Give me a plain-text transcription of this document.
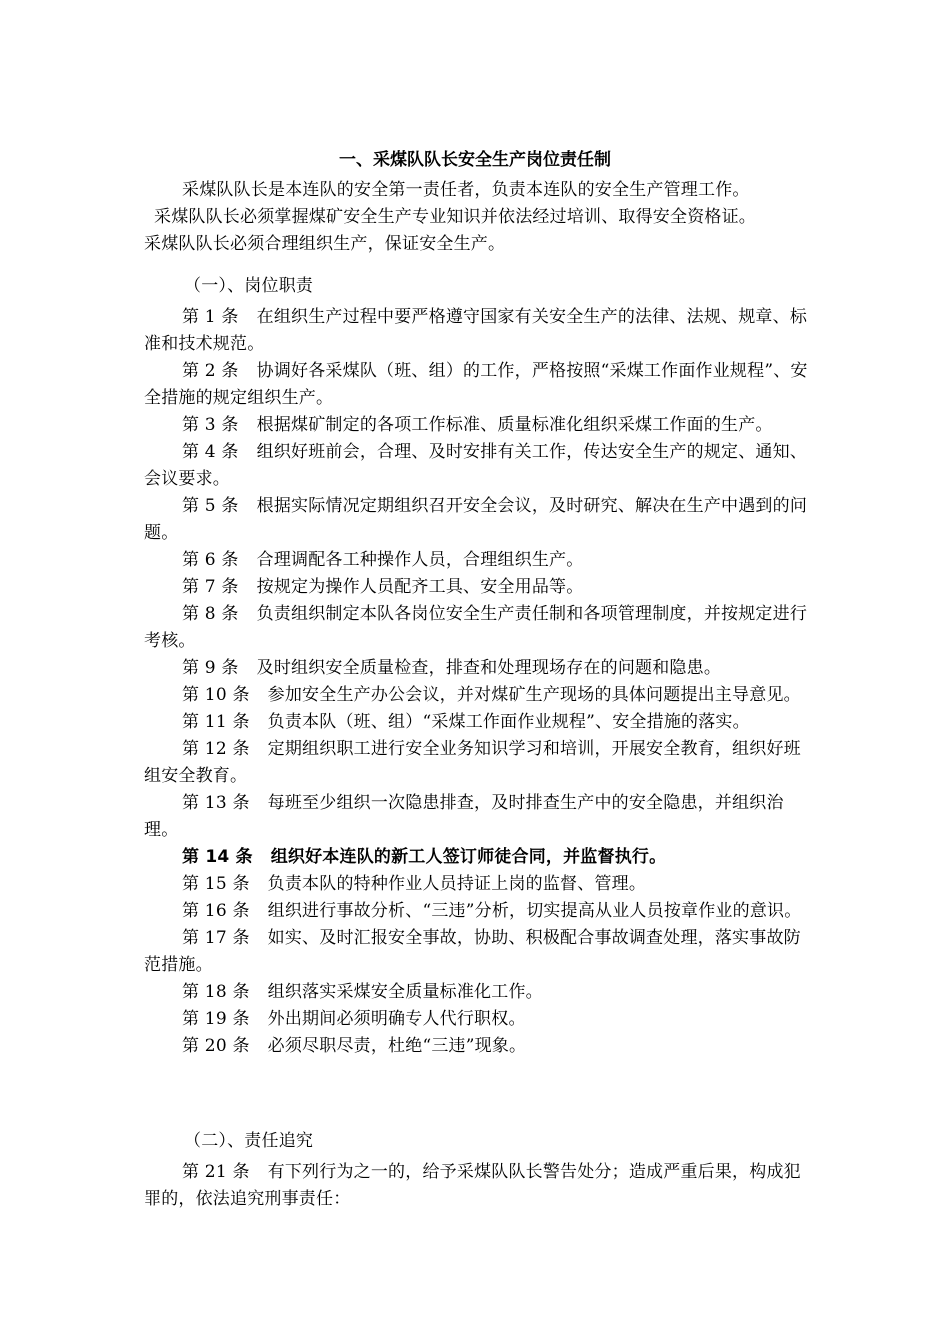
一、采煤队队长安全生产岗位责任制

采煤队队长是本连队的安全第一责任者，负责本连队的安全生产管理工作。

采煤队队长必须掌握煤矿安全生产专业知识并依法经过培训、取得安全资格证。

采煤队队长必须合理组织生产，保证安全生产。

（一）、岗位职责

第 1 条 在组织生产过程中要严格遵守国家有关安全生产的法律、法规、规章、标准和技术规范。

第 2 条 协调好各采煤队（班、组）的工作，严格按照“采煤工作面作业规程”、安全措施的规定组织生产。

第 3 条 根据煤矿制定的各项工作标准、质量标准化组织采煤工作面的生产。

第 4 条 组织好班前会，合理、及时安排有关工作，传达安全生产的规定、通知、会议要求。

第 5 条 根据实际情况定期组织召开安全会议，及时研究、解决在生产中遇到的问题。

第 6 条 合理调配各工种操作人员，合理组织生产。

第 7 条 按规定为操作人员配齐工具、安全用品等。

第 8 条 负责组织制定本队各岗位安全生产责任制和各项管理制度，并按规定进行考核。

第 9 条 及时组织安全质量检查，排查和处理现场存在的问题和隐患。

第 10 条 参加安全生产办公会议，并对煤矿生产现场的具体问题提出主导意见。

第 11 条 负责本队（班、组）“采煤工作面作业规程”、安全措施的落实。

第 12 条 定期组织职工进行安全业务知识学习和培训，开展安全教育，组织好班组安全教育。

第 13 条 每班至少组织一次隐患排查，及时排查生产中的安全隐患，并组织治理。

第 14 条 组织好本连队的新工人签订师徒合同，并监督执行。

第 15 条 负责本队的特种作业人员持证上岗的监督、管理。

第 16 条 组织进行事故分析、“三违”分析，切实提高从业人员按章作业的意识。

第 17 条 如实、及时汇报安全事故，协助、积极配合事故调查处理，落实事故防范措施。

第 18 条 组织落实采煤安全质量标准化工作。

第 19 条 外出期间必须明确专人代行职权。

第 20 条 必须尽职尽责，杜绝“三违”现象。

（二）、责任追究

第 21 条 有下列行为之一的，给予采煤队队长警告处分；造成严重后果，构成犯罪的，依法追究刑事责任：
